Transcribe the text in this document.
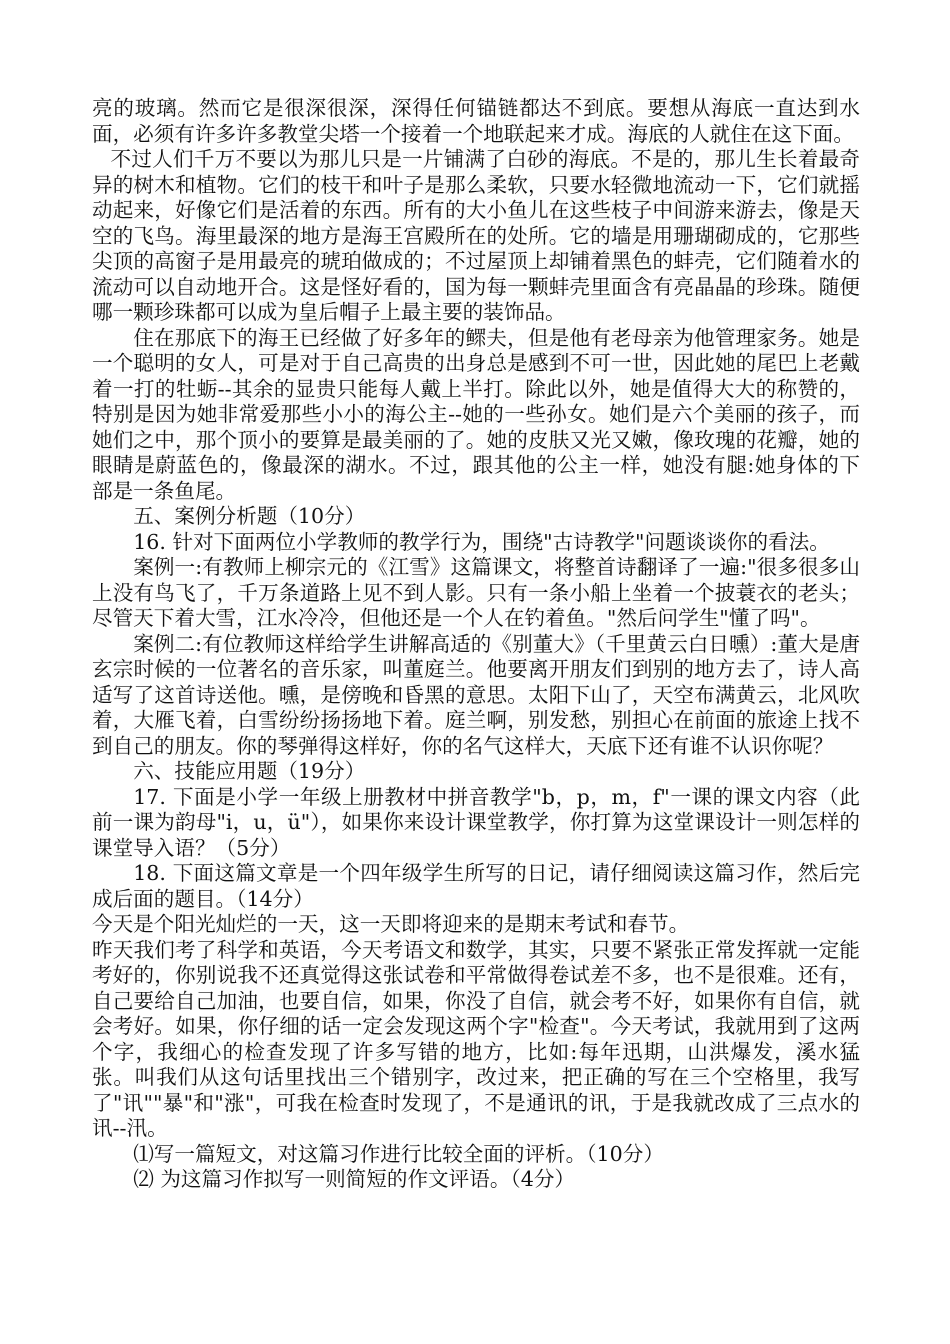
亮的玻璃。然而它是很深很深，深得任何锚链都达不到底。要想从海底一直达到水面，必须有许多许多教堂尖塔一个接着一个地联起来才成。海底的人就住在这下面。

不过人们千万不要以为那儿只是一片铺满了白砂的海底。不是的，那儿生长着最奇异的树木和植物。它们的枝干和叶子是那么柔软，只要水轻微地流动一下，它们就摇动起来，好像它们是活着的东西。所有的大小鱼儿在这些枝子中间游来游去，像是天空的飞鸟。海里最深的地方是海王宫殿所在的处所。它的墙是用珊瑚砌成的，它那些尖顶的高窗子是用最亮的琥珀做成的；不过屋顶上却铺着黑色的蚌壳，它们随着水的流动可以自动地开合。这是怪好看的，国为每一颗蚌壳里面含有亮晶晶的珍珠。随便哪一颗珍珠都可以成为皇后帽子上最主要的装饰品。

住在那底下的海王已经做了好多年的鳏夫，但是他有老母亲为他管理家务。她是一个聪明的女人，可是对于自己高贵的出身总是感到不可一世，因此她的尾巴上老戴着一打的牡蛎--其余的显贵只能每人戴上半打。除此以外，她是值得大大的称赞的，特别是因为她非常爱那些小小的海公主--她的一些孙女。她们是六个美丽的孩子，而她们之中，那个顶小的要算是最美丽的了。她的皮肤又光又嫩，像玫瑰的花瓣，她的眼睛是蔚蓝色的，像最深的湖水。不过，跟其他的公主一样，她没有腿:她身体的下部是一条鱼尾。

五、案例分析题（10分）

16. 针对下面两位小学教师的教学行为，围绕"古诗教学"问题谈谈你的看法。

案例一:有教师上柳宗元的《江雪》这篇课文，将整首诗翻译了一遍:"很多很多山上没有鸟飞了，千万条道路上见不到人影。只有一条小船上坐着一个披蓑衣的老头；尽管天下着大雪，江水冷冷，但他还是一个人在钓着鱼。"然后问学生"懂了吗"。

案例二:有位教师这样给学生讲解高适的《别董大》（千里黄云白日曛）:董大是唐玄宗时候的一位著名的音乐家，叫董庭兰。他要离开朋友们到别的地方去了，诗人高适写了这首诗送他。曛，是傍晚和昏黑的意思。太阳下山了，天空布满黄云，北风吹着，大雁飞着，白雪纷纷扬扬地下着。庭兰啊，别发愁，别担心在前面的旅途上找不到自己的朋友。你的琴弹得这样好，你的名气这样大，天底下还有谁不认识你呢？

六、技能应用题（19分）

17. 下面是小学一年级上册教材中拼音教学"b，p，m，f"一课的课文内容（此前一课为韵母"i，u，ü"），如果你来设计课堂教学，你打算为这堂课设计一则怎样的课堂导入语？（5分）

18. 下面这篇文章是一个四年级学生所写的日记，请仔细阅读这篇习作，然后完成后面的题目。（14分）

今天是个阳光灿烂的一天，这一天即将迎来的是期末考试和春节。

昨天我们考了科学和英语，今天考语文和数学，其实，只要不紧张正常发挥就一定能考好的，你别说我不还真觉得这张试卷和平常做得卷试差不多，也不是很难。还有，自己要给自己加油，也要自信，如果，你没了自信，就会考不好，如果你有自信，就会考好。如果，你仔细的话一定会发现这两个字"检查"。今天考试，我就用到了这两个字，我细心的检查发现了许多写错的地方，比如:每年迅期，山洪爆发，溪水猛张。叫我们从这句话里找出三个错别字，改过来，把正确的写在三个空格里，我写了"讯""暴"和"涨"，可我在检查时发现了，不是通讯的讯，于是我就改成了三点水的讯--汛。

⑴写一篇短文，对这篇习作进行比较全面的评析。（10分）

⑵ 为这篇习作拟写一则简短的作文评语。（4分）
